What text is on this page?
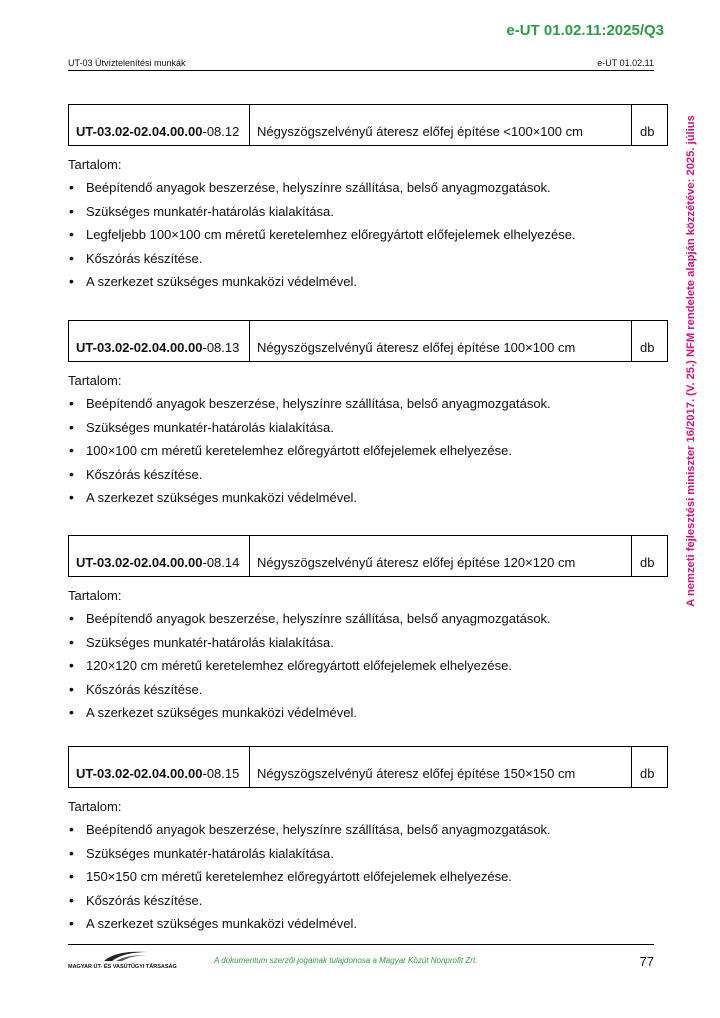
e-UT 01.02.11:2025/Q3
UT-03 Útvíztelenítési munkák	e-UT 01.02.11
A nemzeti fejlesztési miniszter 16/2017. (V. 25.) NFM rendelete alapján közzétéve: 2025. július
UT-03.02-02.04.00.00 -08.12	Négyszögszelvényű áteresz előfej építése <100×100 cm	db
Tartalom:
• Beépítendő anyagok beszerzése, helyszínre szállítása, belső anyagmozgatások.
• Szükséges munkatér-határolás kialakítása.
• Legfeljebb 100×100 cm méretű keretelemhez előregyártott előfejelemek elhelyezése.
• Kőszórás készítése.
• A szerkezet szükséges munkaközi védelmével.
UT-03.02-02.04.00.00 -08.13	Négyszögszelvényű áteresz előfej építése 100×100 cm	db
Tartalom:
• Beépítendő anyagok beszerzése, helyszínre szállítása, belső anyagmozgatások.
• Szükséges munkatér-határolás kialakítása.
• 100×100 cm méretű keretelemhez előregyártott előfejelemek elhelyezése.
• Kőszórás készítése.
• A szerkezet szükséges munkaközi védelmével.
UT-03.02-02.04.00.00 -08.14	Négyszögszelvényű áteresz előfej építése 120×120 cm	db
Tartalom:
• Beépítendő anyagok beszerzése, helyszínre szállítása, belső anyagmozgatások.
• Szükséges munkatér-határolás kialakítása.
• 120×120 cm méretű keretelemhez előregyártott előfejelemek elhelyezése.
• Kőszórás készítése.
• A szerkezet szükséges munkaközi védelmével.
UT-03.02-02.04.00.00 -08.15	Négyszögszelvényű áteresz előfej építése 150×150 cm	db
Tartalom:
• Beépítendő anyagok beszerzése, helyszínre szállítása, belső anyagmozgatások.
• Szükséges munkatér-határolás kialakítása.
• 150×150 cm méretű keretelemhez előregyártott előfejelemek elhelyezése.
• Kőszórás készítése.
• A szerkezet szükséges munkaközi védelmével.
MAGYAR ÚT- ÉS VASÚTÜGYI TÁRSASÁG
A dokumentum szerzői jogainak tulajdonosa a Magyar Közút Nonprofit Zrt.	77
